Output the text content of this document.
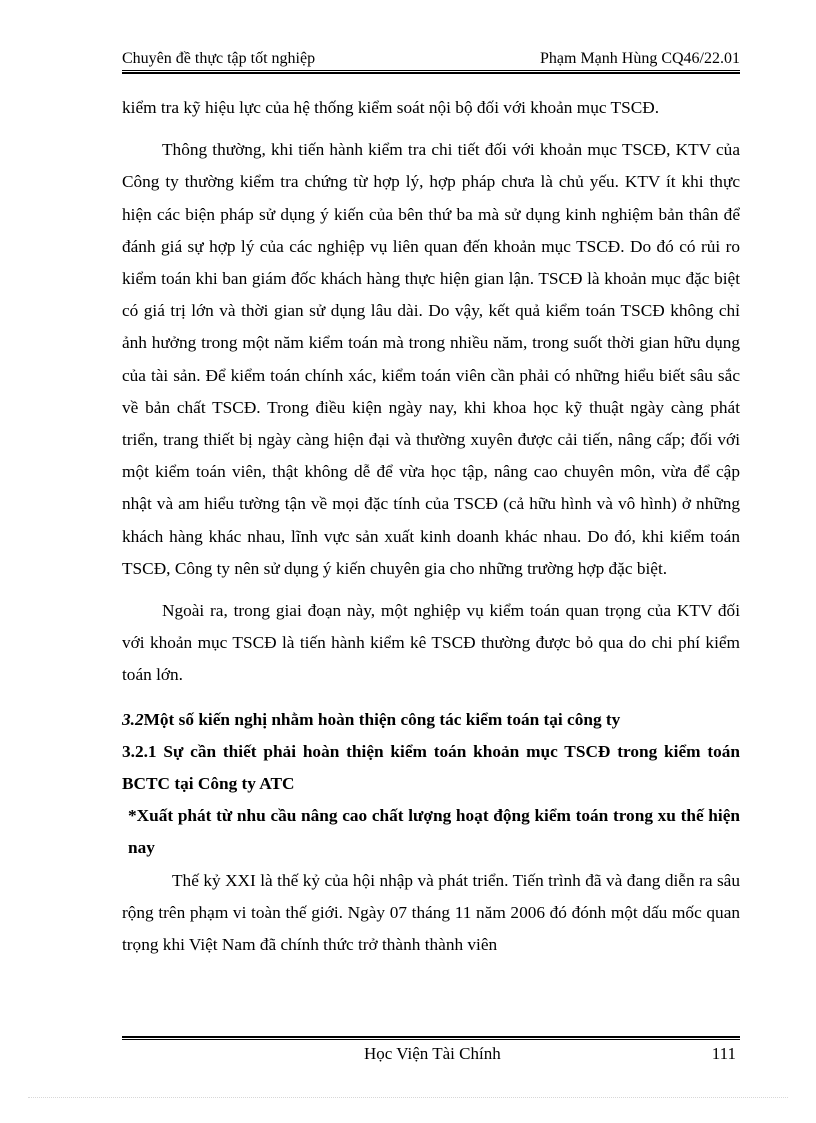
Chuyên đề thực tập tốt nghiệp	Phạm Mạnh Hùng CQ46/22.01

kiểm tra kỹ hiệu lực của hệ thống kiểm soát nội bộ đối với khoản mục TSCĐ.

Thông thường, khi tiến hành kiểm tra chi tiết đối với khoản mục TSCĐ, KTV của Công ty thường kiểm tra chứng từ hợp lý, hợp pháp chưa là chủ yếu. KTV ít khi thực hiện các biện pháp sử dụng ý kiến của bên thứ ba mà sử dụng kinh nghiệm bản thân để đánh giá sự hợp lý của các nghiệp vụ liên quan đến khoản mục TSCĐ. Do đó có rủi ro kiểm toán khi ban giám đốc khách hàng thực hiện gian lận. TSCĐ là khoản mục đặc biệt có giá trị lớn và thời gian sử dụng lâu dài. Do vậy, kết quả kiểm toán TSCĐ không chỉ ảnh hưởng trong một năm kiểm toán mà trong nhiều năm, trong suốt thời gian hữu dụng của tài sản. Để kiểm toán chính xác, kiểm toán viên cần phải có những hiểu biết sâu sắc về bản chất TSCĐ. Trong điều kiện ngày nay, khi khoa học kỹ thuật ngày càng phát triển, trang thiết bị ngày càng hiện đại và thường xuyên được cải tiến, nâng cấp; đối với một kiểm toán viên, thật không dễ để vừa học tập, nâng cao chuyên môn, vừa để cập nhật và am hiểu tường tận về mọi đặc tính của TSCĐ (cả hữu hình và vô hình) ở những khách hàng khác nhau, lĩnh vực sản xuất kinh doanh khác nhau. Do đó, khi kiểm toán TSCĐ, Công ty nên sử dụng ý kiến chuyên gia cho những trường hợp đặc biệt.

Ngoài ra, trong giai đoạn này, một nghiệp vụ kiểm toán quan trọng của KTV đối với khoản mục TSCĐ là tiến hành kiểm kê TSCĐ thường được bỏ qua do chi phí kiểm toán lớn.

3.2Một số kiến nghị nhằm hoàn thiện công tác kiểm toán tại công ty

3.2.1 Sự cần thiết phải hoàn thiện kiểm toán khoản mục TSCĐ trong kiểm toán BCTC tại Công ty ATC

*Xuất phát từ nhu cầu nâng cao chất lượng hoạt động kiểm toán trong xu thế hiện nay

Thế kỷ XXI là thế kỷ của hội nhập và phát triển. Tiến trình đã và đang diễn ra sâu rộng trên phạm vi toàn thế giới. Ngày 07 tháng 11 năm 2006 đó đónh một dấu mốc quan trọng khi Việt Nam đã chính thức trở thành thành viên

Học Viện Tài Chính	111
